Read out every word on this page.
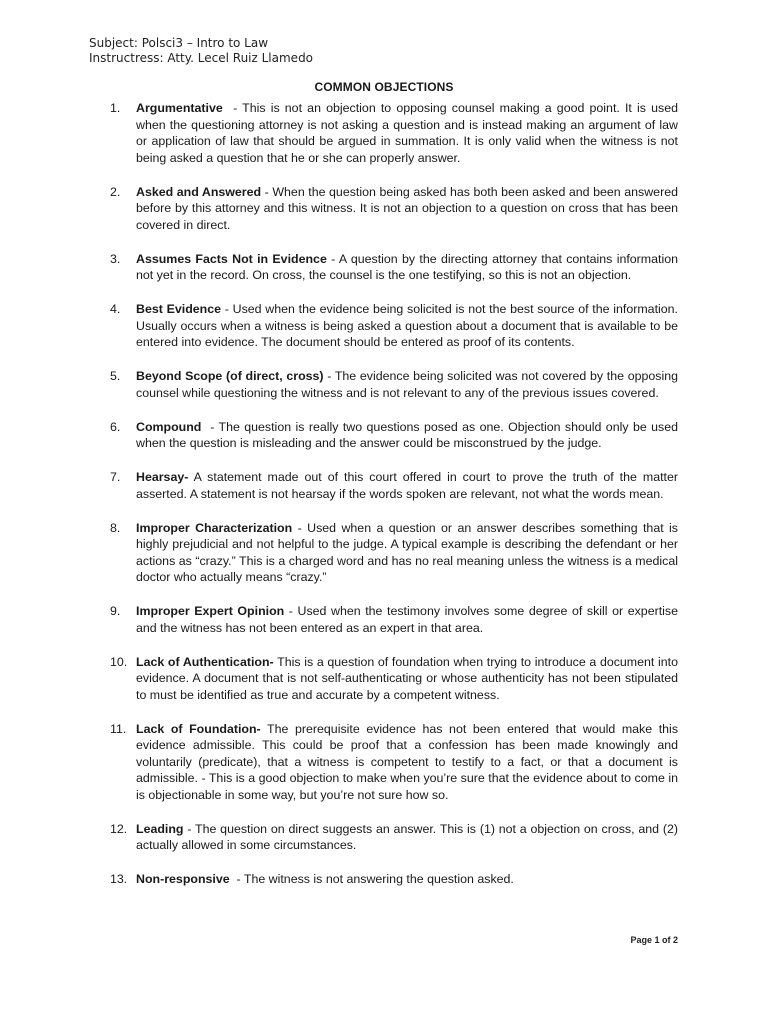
Subject: Polsci3 – Intro to Law
Instructress: Atty. Lecel Ruiz Llamedo
COMMON OBJECTIONS
1.	Argumentative  - This is not an objection to opposing counsel making a good point. It is used when the questioning attorney is not asking a question and is instead making an argument of law or application of law that should be argued in summation. It is only valid when the witness is not being asked a question that he or she can properly answer.
2.	Asked and Answered - When the question being asked has both been asked and been answered before by this attorney and this witness. It is not an objection to a question on cross that has been covered in direct.
3.	Assumes Facts Not in Evidence - A question by the directing attorney that contains information not yet in the record. On cross, the counsel is the one testifying, so this is not an objection.
4.	Best Evidence - Used when the evidence being solicited is not the best source of the information. Usually occurs when a witness is being asked a question about a document that is available to be entered into evidence. The document should be entered as proof of its contents.
5.	Beyond Scope (of direct, cross) - The evidence being solicited was not covered by the opposing counsel while questioning the witness and is not relevant to any of the previous issues covered.
6.	Compound  - The question is really two questions posed as one. Objection should only be used when the question is misleading and the answer could be misconstrued by the judge.
7.	Hearsay- A statement made out of this court offered in court to prove the truth of the matter asserted. A statement is not hearsay if the words spoken are relevant, not what the words mean.
8.	Improper Characterization - Used when a question or an answer describes something that is highly prejudicial and not helpful to the judge. A typical example is describing the defendant or her actions as “crazy.” This is a charged word and has no real meaning unless the witness is a medical doctor who actually means “crazy.”
9.	Improper Expert Opinion - Used when the testimony involves some degree of skill or expertise and the witness has not been entered as an expert in that area.
10. Lack of Authentication- This is a question of foundation when trying to introduce a document into evidence. A document that is not self-authenticating or whose authenticity has not been stipulated to must be identified as true and accurate by a competent witness.
11. Lack of Foundation- The prerequisite evidence has not been entered that would make this evidence admissible. This could be proof that a confession has been made knowingly and voluntarily (predicate), that a witness is competent to testify to a fact, or that a document is admissible. - This is a good objection to make when you’re sure that the evidence about to come in is objectionable in some way, but you’re not sure how so.
12. Leading - The question on direct suggests an answer. This is (1) not a objection on cross, and (2) actually allowed in some circumstances.
13. Non-responsive  - The witness is not answering the question asked.
Page 1 of 2
